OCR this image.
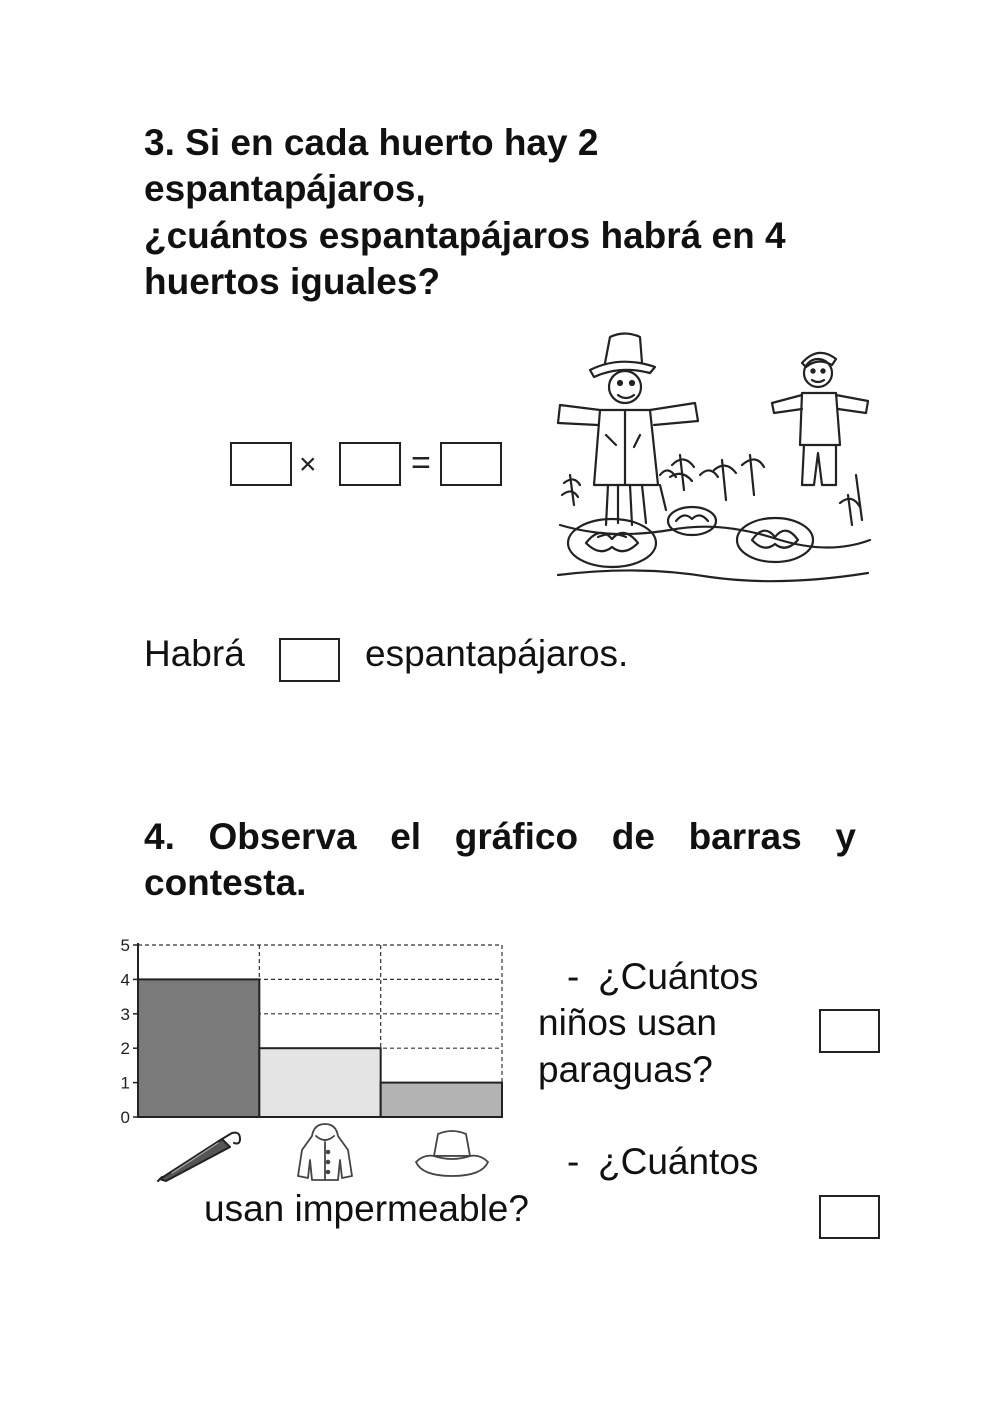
3. Si en cada huerto hay 2
espantapájaros,
¿cuántos espantapájaros habrá en 4
huertos iguales?
×	=
Habrá	espantapájaros.
4. Observa el gráfico de barras y
contesta.
0
1
2
3
4
5
- ¿Cuántos
niños usan
paraguas?
- ¿Cuántos
usan impermeable?
